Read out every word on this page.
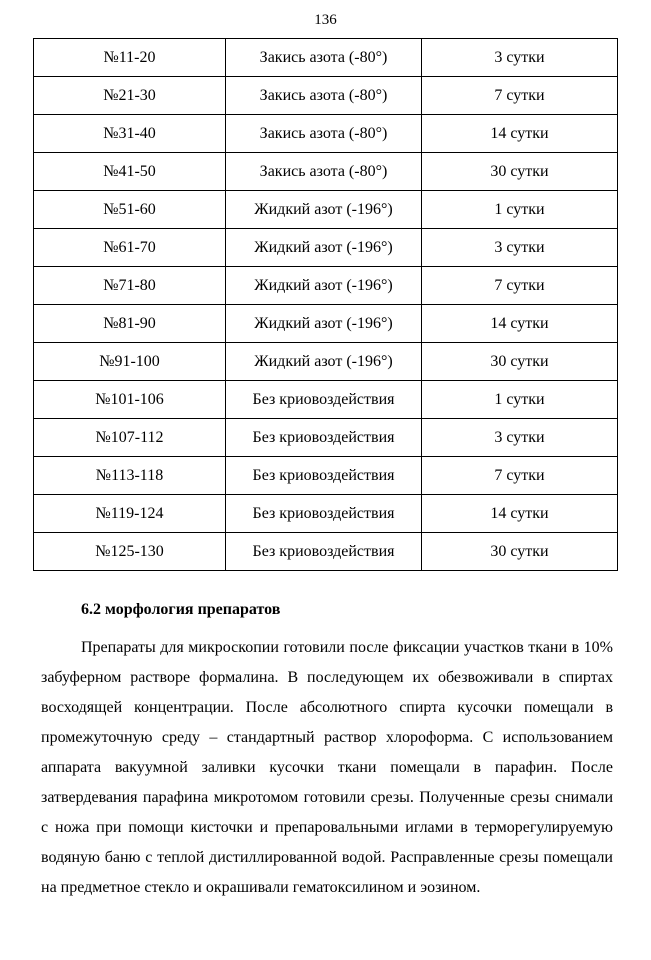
136
№11-20	Закись азота (-80°)	3 сутки
№21-30	Закись азота (-80°)	7 сутки
№31-40	Закись азота (-80°)	14 сутки
№41-50	Закись азота (-80°)	30 сутки
№51-60	Жидкий азот (-196°)	1 сутки
№61-70	Жидкий азот (-196°)	3 сутки
№71-80	Жидкий азот (-196°)	7 сутки
№81-90	Жидкий азот (-196°)	14 сутки
№91-100	Жидкий азот (-196°)	30 сутки
№101-106	Без криовоздействия	1 сутки
№107-112	Без криовоздействия	3 сутки
№113-118	Без криовоздействия	7 сутки
№119-124	Без криовоздействия	14 сутки
№125-130	Без криовоздействия	30 сутки
6.2 морфология препаратов

Препараты для микроскопии готовили после фиксации участков ткани в 10% забуферном растворе формалина. В последующем их обезвоживали в спиртах восходящей концентрации. После абсолютного спирта кусочки помещали в промежуточную среду – стандартный раствор хлороформа. С использованием аппарата вакуумной заливки кусочки ткани помещали в парафин. После затвердевания парафина микротомом готовили срезы. Полученные срезы снимали с ножа при помощи кисточки и препаровальными иглами в терморегулируемую водяную баню с теплой дистиллированной водой. Расправленные срезы помещали на предметное стекло и окрашивали гематоксилином и эозином.
